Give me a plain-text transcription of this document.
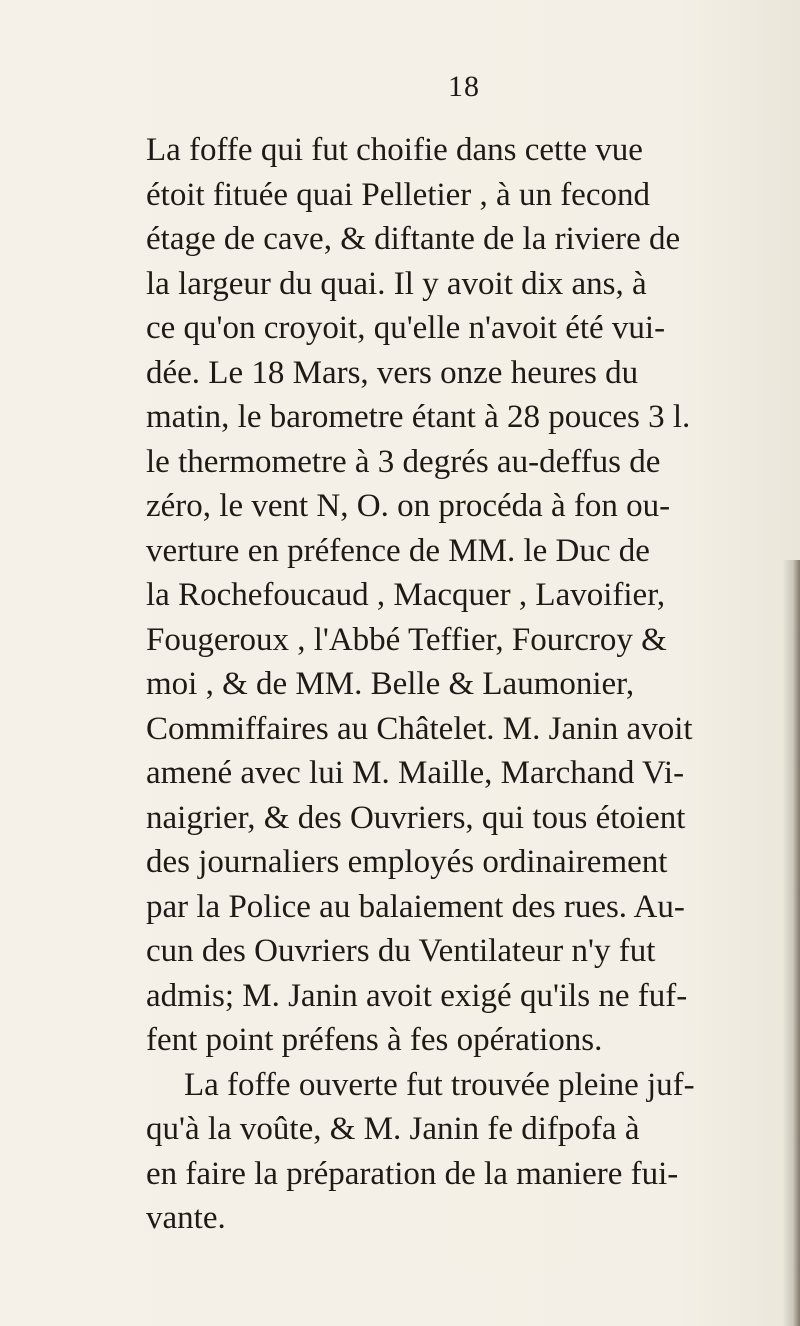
18
La foffe qui fut choifie dans cette vue
étoit fituée quai Pelletier , à un fecond
étage de cave, & diftante de la riviere de
la largeur du quai. Il y avoit dix ans, à
ce qu'on croyoit, qu'elle n'avoit été vui-
dée. Le 18 Mars, vers onze heures du
matin, le barometre étant à 28 pouces 3 l.
le thermometre à 3 degrés au-deffus de
zéro, le vent N, O. on procéda à fon ou-
verture en préfence de MM. le Duc de
la Rochefoucaud , Macquer , Lavoifier,
Fougeroux , l'Abbé Teffier, Fourcroy &
moi , & de MM. Belle & Laumonier,
Commiffaires au Châtelet. M. Janin avoit
amené avec lui M. Maille, Marchand Vi-
naigrier, & des Ouvriers, qui tous étoient
des journaliers employés ordinairement
par la Police au balaiement des rues. Au-
cun des Ouvriers du Ventilateur n'y fut
admis; M. Janin avoit exigé qu'ils ne fuf-
fent point préfens à fes opérations.
La foffe ouverte fut trouvée pleine juf-
qu'à la voûte, & M. Janin fe difpofa à
en faire la préparation de la maniere fui-
vante.
